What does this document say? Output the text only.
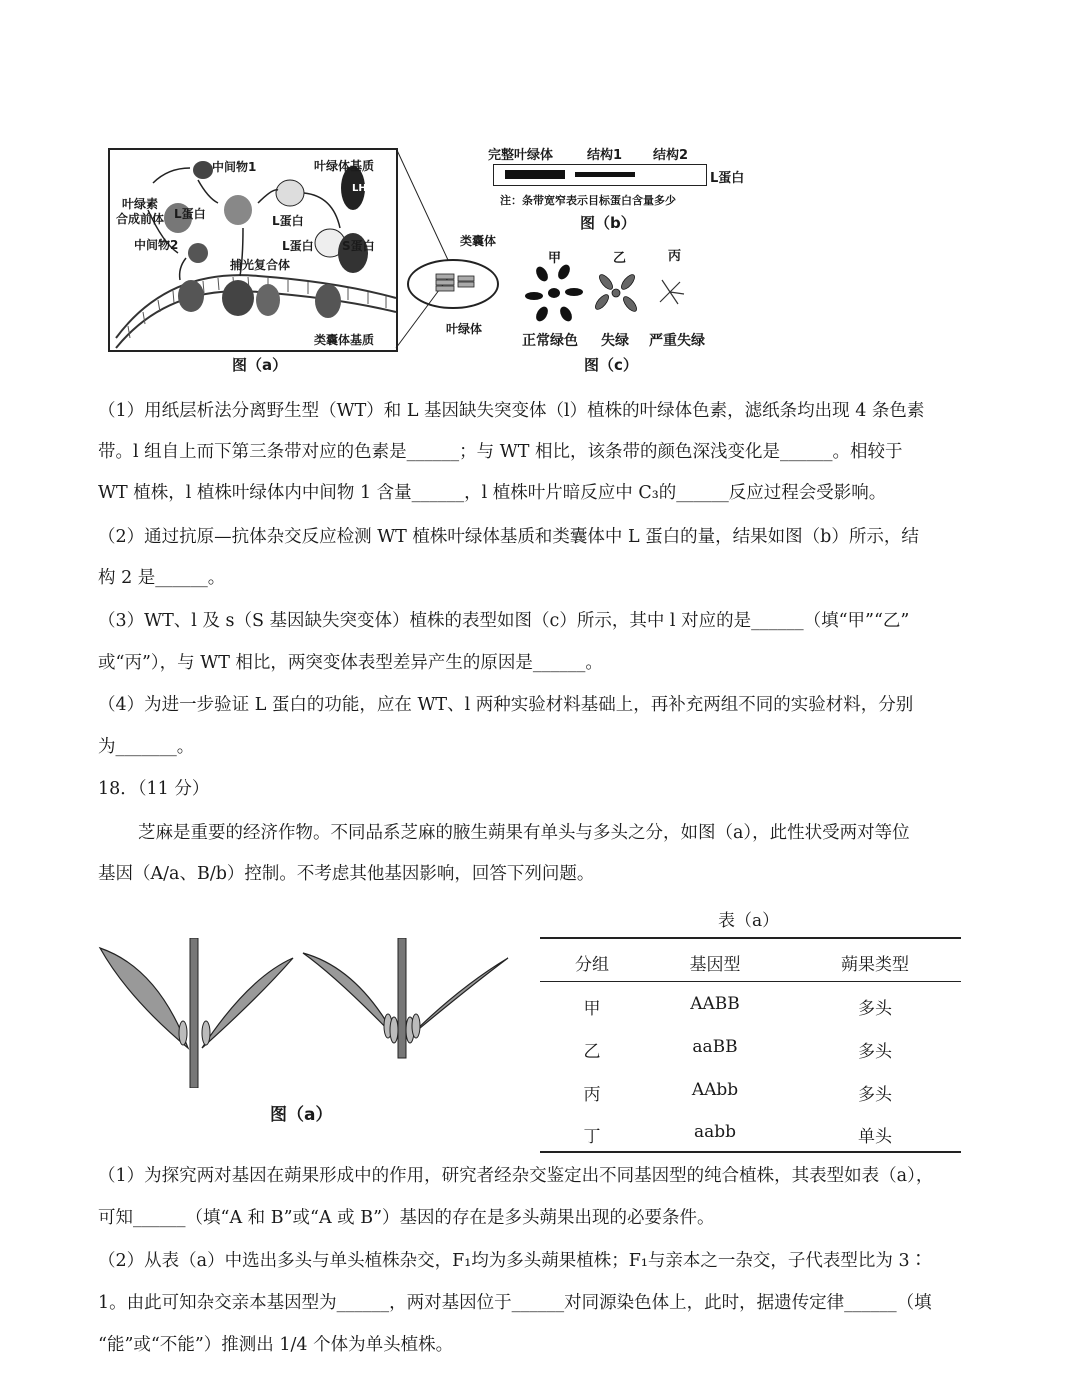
中间物1
叶绿素
合成前体
叶绿体基质
LHCP
L蛋白	L蛋白
L蛋白 S蛋白
中间物2
捕光复合体
类囊体基质
类囊体
叶绿体
图（a）
完整叶绿体	结构1 结构2
L蛋白
注：条带宽窄表示目标蛋白含量多少
图（b）
甲	乙	丙
正常绿色 失绿 严重失绿
图（c）
（1）用纸层析法分离野生型（WT）和 L 基因缺失突变体（l）植株的叶绿体色素，滤纸条均出现 4 条色素
带。l 组自上而下第三条带对应的色素是______；与 WT 相比，该条带的颜色深浅变化是______。相较于
WT 植株，l 植株叶绿体内中间物 1 含量______，l 植株叶片暗反应中 C₃的______反应过程会受影响。
（2）通过抗原—抗体杂交反应检测 WT 植株叶绿体基质和类囊体中 L 蛋白的量，结果如图（b）所示，结
构 2 是______。
（3）WT、l 及 s（S 基因缺失突变体）植株的表型如图（c）所示，其中 l 对应的是______（填“甲”“乙”
或“丙”），与 WT 相比，两突变体表型差异产生的原因是______。
（4）为进一步验证 L 蛋白的功能，应在 WT、l 两种实验材料基础上，再补充两组不同的实验材料，分别
为_______。
18．（11 分）
芝麻是重要的经济作物。不同品系芝麻的腋生蒴果有单头与多头之分，如图（a），此性状受两对等位
基因（A/a、B/b）控制。不考虑其他基因影响，回答下列问题。
图（a）
表（a）
分组	基因型	蒴果类型
甲	AABB	多头
乙	aaBB	多头
丙	AAbb	多头
丁	aabb	单头
（1）为探究两对基因在蒴果形成中的作用，研究者经杂交鉴定出不同基因型的纯合植株，其表型如表（a），
可知______（填“A 和 B”或“A 或 B”）基因的存在是多头蒴果出现的必要条件。
（2）从表（a）中选出多头与单头植株杂交，F₁均为多头蒴果植株；F₁与亲本之一杂交，子代表型比为 3∶
1。由此可知杂交亲本基因型为______，两对基因位于______对同源染色体上，此时，据遗传定律______（填
“能”或“不能”）推测出 1/4 个体为单头植株。
